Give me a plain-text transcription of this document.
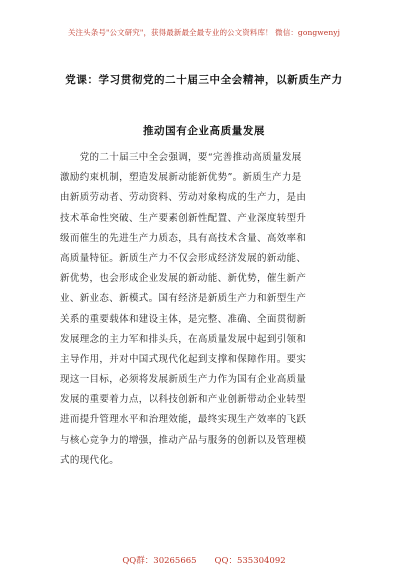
关注头条号"公文研究"，获得最新最全最专业的公文资料库！ 微信：gongwenyj
党课：学习贯彻党的二十届三中全会精神，以新质生产力
推动国有企业高质量发展
　　党的二十届三中全会强调，要“完善推动高质量发展
激励约束机制，塑造发展新动能新优势”。新质生产力是
由新质劳动者、劳动资料、劳动对象构成的生产力，是由
技术革命性突破、生产要素创新性配置、产业深度转型升
级而催生的先进生产力质态，具有高技术含量、高效率和
高质量特征。新质生产力不仅会形成经济发展的新动能、
新优势，也会形成企业发展的新动能、新优势，催生新产
业、新业态、新模式。国有经济是新质生产力和新型生产
关系的重要载体和建设主体，是完整、准确、全面贯彻新
发展理念的主力军和排头兵，在高质量发展中起到引领和
主导作用，并对中国式现代化起到支撑和保障作用。要实
现这一目标，必须将发展新质生产力作为国有企业高质量
发展的重要着力点，以科技创新和产业创新带动企业转型
进而提升管理水平和治理效能，最终实现生产效率的飞跃
与核心竞争力的增强，推动产品与服务的创新以及管理模
式的现代化。
QQ群：30265665 QQ：535304092
